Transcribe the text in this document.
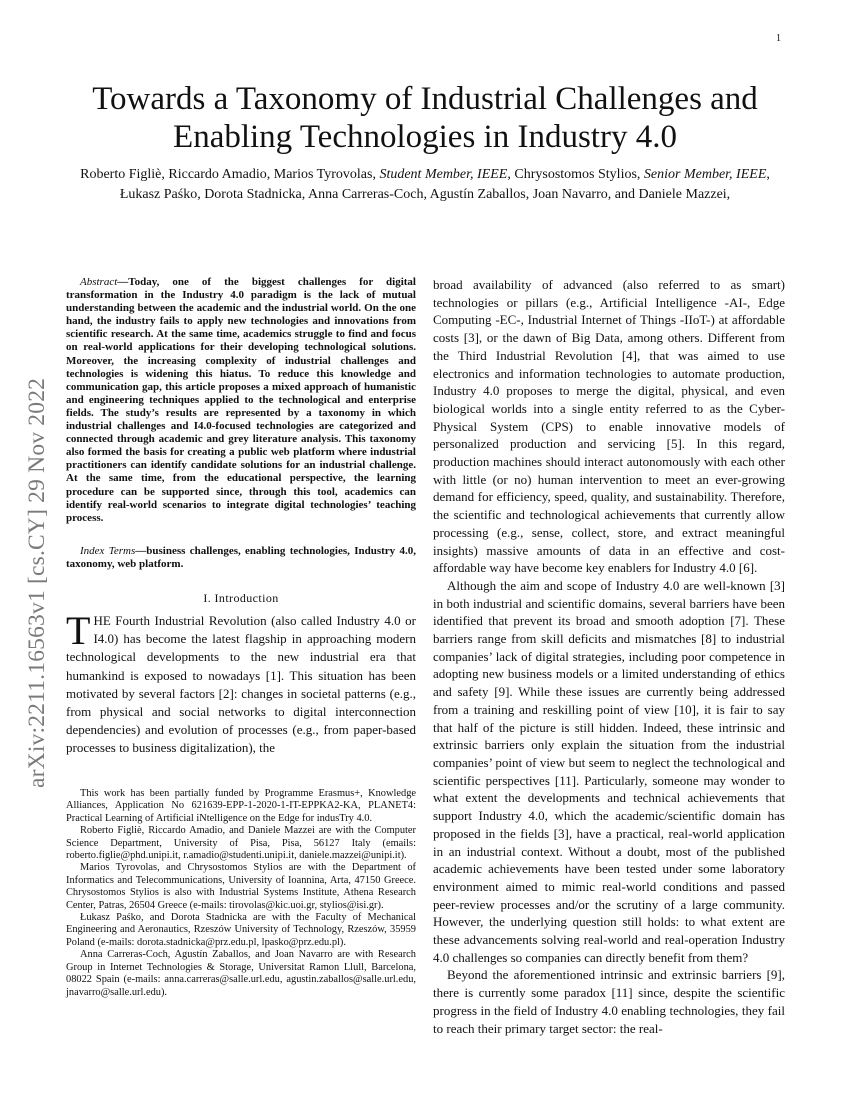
1
arXiv:2211.16563v1 [cs.CY] 29 Nov 2022
Towards a Taxonomy of Industrial Challenges and Enabling Technologies in Industry 4.0
Roberto Figliè, Riccardo Amadio, Marios Tyrovolas, Student Member, IEEE, Chrysostomos Stylios, Senior Member, IEEE, Łukasz Paśko, Dorota Stadnicka, Anna Carreras-Coch, Agustín Zaballos, Joan Navarro, and Daniele Mazzei,

Abstract—Today, one of the biggest challenges for digital transformation in the Industry 4.0 paradigm is the lack of mutual understanding between the academic and the industrial world. On the one hand, the industry fails to apply new technologies and innovations from scientific research. At the same time, academics struggle to find and focus on real-world applications for their developing technological solutions. Moreover, the increasing complexity of industrial challenges and technologies is widening this hiatus. To reduce this knowledge and communication gap, this article proposes a mixed approach of humanistic and engineering techniques applied to the technological and enterprise fields. The study’s results are represented by a taxonomy in which industrial challenges and I4.0-focused technologies are categorized and connected through academic and grey literature analysis. This taxonomy also formed the basis for creating a public web platform where industrial practitioners can identify candidate solutions for an industrial challenge. At the same time, from the educational perspective, the learning procedure can be supported since, through this tool, academics can identify real-world scenarios to integrate digital technologies’ teaching process.

Index Terms—business challenges, enabling technologies, Industry 4.0, taxonomy, web platform.

I. Introduction

THE Fourth Industrial Revolution (also called Industry 4.0 or I4.0) has become the latest flagship in approaching modern technological developments to the new industrial era that humankind is exposed to nowadays [1]. This situation has been motivated by several factors [2]: changes in societal patterns (e.g., from physical and social networks to digital interconnection dependencies) and evolution of processes (e.g., from paper-based processes to business digitalization), the

This work has been partially funded by Programme Erasmus+, Knowledge Alliances, Application No 621639-EPP-1-2020-1-IT-EPPKA2-KA, PLANET4: Practical Learning of Artificial iNtelligence on the Edge for indusTry 4.0.

Roberto Figliè, Riccardo Amadio, and Daniele Mazzei are with the Computer Science Department, University of Pisa, Pisa, 56127 Italy (emails: roberto.figlie@phd.unipi.it, r.amadio@studenti.unipi.it, daniele.mazzei@unipi.it).

Marios Tyrovolas, and Chrysostomos Stylios are with the Department of Informatics and Telecommunications, University of Ioannina, Arta, 47150 Greece. Chrysostomos Stylios is also with Industrial Systems Institute, Athena Research Center, Patras, 26504 Greece (e-mails: tirovolas@kic.uoi.gr, stylios@isi.gr).

Łukasz Paśko, and Dorota Stadnicka are with the Faculty of Mechanical Engineering and Aeronautics, Rzeszów University of Technology, Rzeszów, 35959 Poland (e-mails: dorota.stadnicka@prz.edu.pl, lpasko@prz.edu.pl).

Anna Carreras-Coch, Agustín Zaballos, and Joan Navarro are with Research Group in Internet Technologies & Storage, Universitat Ramon Llull, Barcelona, 08022 Spain (e-mails: anna.carreras@salle.url.edu, agustin.zaballos@salle.url.edu, jnavarro@salle.url.edu).

broad availability of advanced (also referred to as smart) technologies or pillars (e.g., Artificial Intelligence -AI-, Edge Computing -EC-, Industrial Internet of Things -IIoT-) at affordable costs [3], or the dawn of Big Data, among others. Different from the Third Industrial Revolution [4], that was aimed to use electronics and information technologies to automate production, Industry 4.0 proposes to merge the digital, physical, and even biological worlds into a single entity referred to as the Cyber-Physical System (CPS) to enable innovative models of personalized production and servicing [5]. In this regard, production machines should interact autonomously with each other with little (or no) human intervention to meet an ever-growing demand for efficiency, speed, quality, and sustainability. Therefore, the scientific and technological achievements that currently allow processing (e.g., sense, collect, store, and extract meaningful insights) massive amounts of data in an effective and cost-affordable way have become key enablers for Industry 4.0 [6].

Although the aim and scope of Industry 4.0 are well-known [3] in both industrial and scientific domains, several barriers have been identified that prevent its broad and smooth adoption [7]. These barriers range from skill deficits and mismatches [8] to industrial companies’ lack of digital strategies, including poor competence in adopting new business models or a limited understanding of ethics and safety [9]. While these issues are currently being addressed from a training and reskilling point of view [10], it is fair to say that half of the picture is still hidden. Indeed, these intrinsic and extrinsic barriers only explain the situation from the industrial companies’ point of view but seem to neglect the technological and scientific perspectives [11]. Particularly, someone may wonder to what extent the developments and technical achievements that support Industry 4.0, which the academic/scientific domain has proposed in the fields [3], have a practical, real-world application in an industrial context. Without a doubt, most of the published academic achievements have been tested under some laboratory environment aimed to mimic real-world conditions and passed peer-review processes and/or the scrutiny of a large community. However, the underlying question still holds: to what extent are these advancements solving real-world and real-operation Industry 4.0 challenges so companies can directly benefit from them?

Beyond the aforementioned intrinsic and extrinsic barriers [9], there is currently some paradox [11] since, despite the scientific progress in the field of Industry 4.0 enabling technologies, they fail to reach their primary target sector: the real-
